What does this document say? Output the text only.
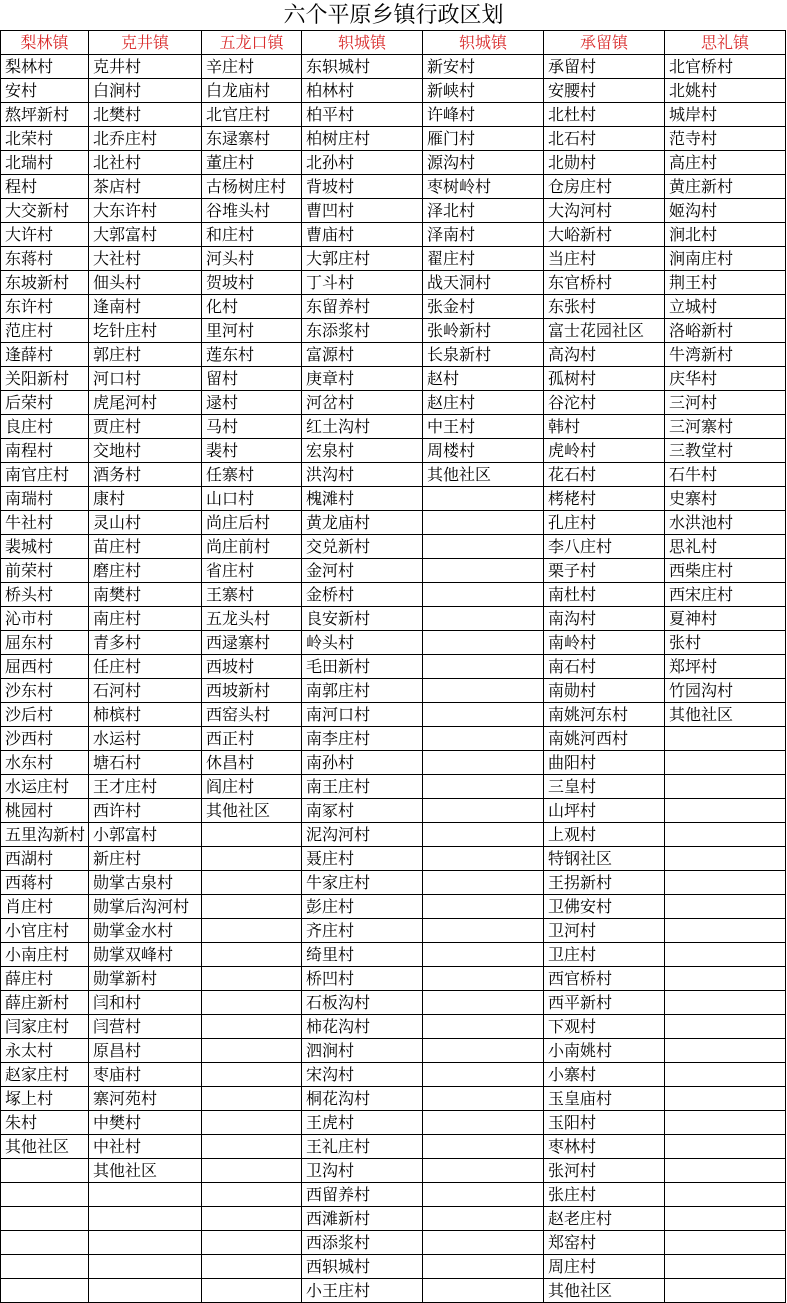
六个平原乡镇行政区划
梨林镇	克井镇	五龙口镇	轵城镇	轵城镇	承留镇	思礼镇
梨林村	克井村	辛庄村	东轵城村	新安村	承留村	北官桥村
安村	白涧村	白龙庙村	柏林村	新峡村	安腰村	北姚村
熬坪新村	北樊村	北官庄村	柏平村	许峰村	北杜村	城岸村
北荣村	北乔庄村	东逯寨村	柏树庄村	雁门村	北石村	范寺村
北瑞村	北社村	董庄村	北孙村	源沟村	北勋村	高庄村
程村	茶店村	古杨树庄村	背坡村	枣树岭村	仓房庄村	黄庄新村
大交新村	大东许村	谷堆头村	曹凹村	泽北村	大沟河村	姬沟村
大许村	大郭富村	和庄村	曹庙村	泽南村	大峪新村	涧北村
东蒋村	大社村	河头村	大郭庄村	翟庄村	当庄村	涧南庄村
东坡新村	佃头村	贺坡村	丁斗村	战天洞村	东官桥村	荆王村
东许村	逢南村	化村	东留养村	张金村	东张村	立城村
范庄村	圪针庄村	里河村	东添浆村	张岭新村	富士花园社区	洛峪新村
逢薛村	郭庄村	莲东村	富源村	长泉新村	高沟村	牛湾新村
关阳新村	河口村	留村	庚章村	赵村	孤树村	庆华村
后荣村	虎尾河村	逯村	河岔村	赵庄村	谷沱村	三河村
良庄村	贾庄村	马村	红土沟村	中王村	韩村	三河寨村
南程村	交地村	裴村	宏泉村	周楼村	虎岭村	三教堂村
南官庄村	酒务村	任寨村	洪沟村	其他社区	花石村	石牛村
南瑞村	康村	山口村	槐滩村		栲栳村	史寨村
牛社村	灵山村	尚庄后村	黄龙庙村		孔庄村	水洪池村
裴城村	苗庄村	尚庄前村	交兑新村		李八庄村	思礼村
前荣村	磨庄村	省庄村	金河村		栗子村	西柴庄村
桥头村	南樊村	王寨村	金桥村		南杜村	西宋庄村
沁市村	南庄村	五龙头村	良安新村		南沟村	夏神村
屈东村	青多村	西逯寨村	岭头村		南岭村	张村
屈西村	任庄村	西坡村	毛田新村		南石村	郑坪村
沙东村	石河村	西坡新村	南郭庄村		南勋村	竹园沟村
沙后村	柿槟村	西窑头村	南河口村		南姚河东村	其他社区
沙西村	水运村	西正村	南李庄村		南姚河西村	
水东村	塘石村	休昌村	南孙村		曲阳村	
水运庄村	王才庄村	阎庄村	南王庄村		三皇村	
桃园村	西许村	其他社区	南冢村		山坪村	
五里沟新村	小郭富村		泥沟河村		上观村	
西湖村	新庄村		聂庄村		特钢社区	
西蒋村	勋掌古泉村		牛家庄村		王拐新村	
肖庄村	勋掌后沟河村		彭庄村		卫佛安村	
小官庄村	勋掌金水村		齐庄村		卫河村	
小南庄村	勋掌双峰村		绮里村		卫庄村	
薛庄村	勋掌新村		桥凹村		西官桥村	
薛庄新村	闫和村		石板沟村		西平新村	
闫家庄村	闫营村		柿花沟村		下观村	
永太村	原昌村		泗涧村		小南姚村	
赵家庄村	枣庙村		宋沟村		小寨村	
塚上村	寨河苑村		桐花沟村		玉皇庙村	
朱村	中樊村		王虎村		玉阳村	
其他社区	中社村		王礼庄村		枣林村	
	其他社区		卫沟村		张河村	
			西留养村		张庄村	
			西滩新村		赵老庄村	
			西添浆村		郑窑村	
			西轵城村		周庄村	
			小王庄村		其他社区	
